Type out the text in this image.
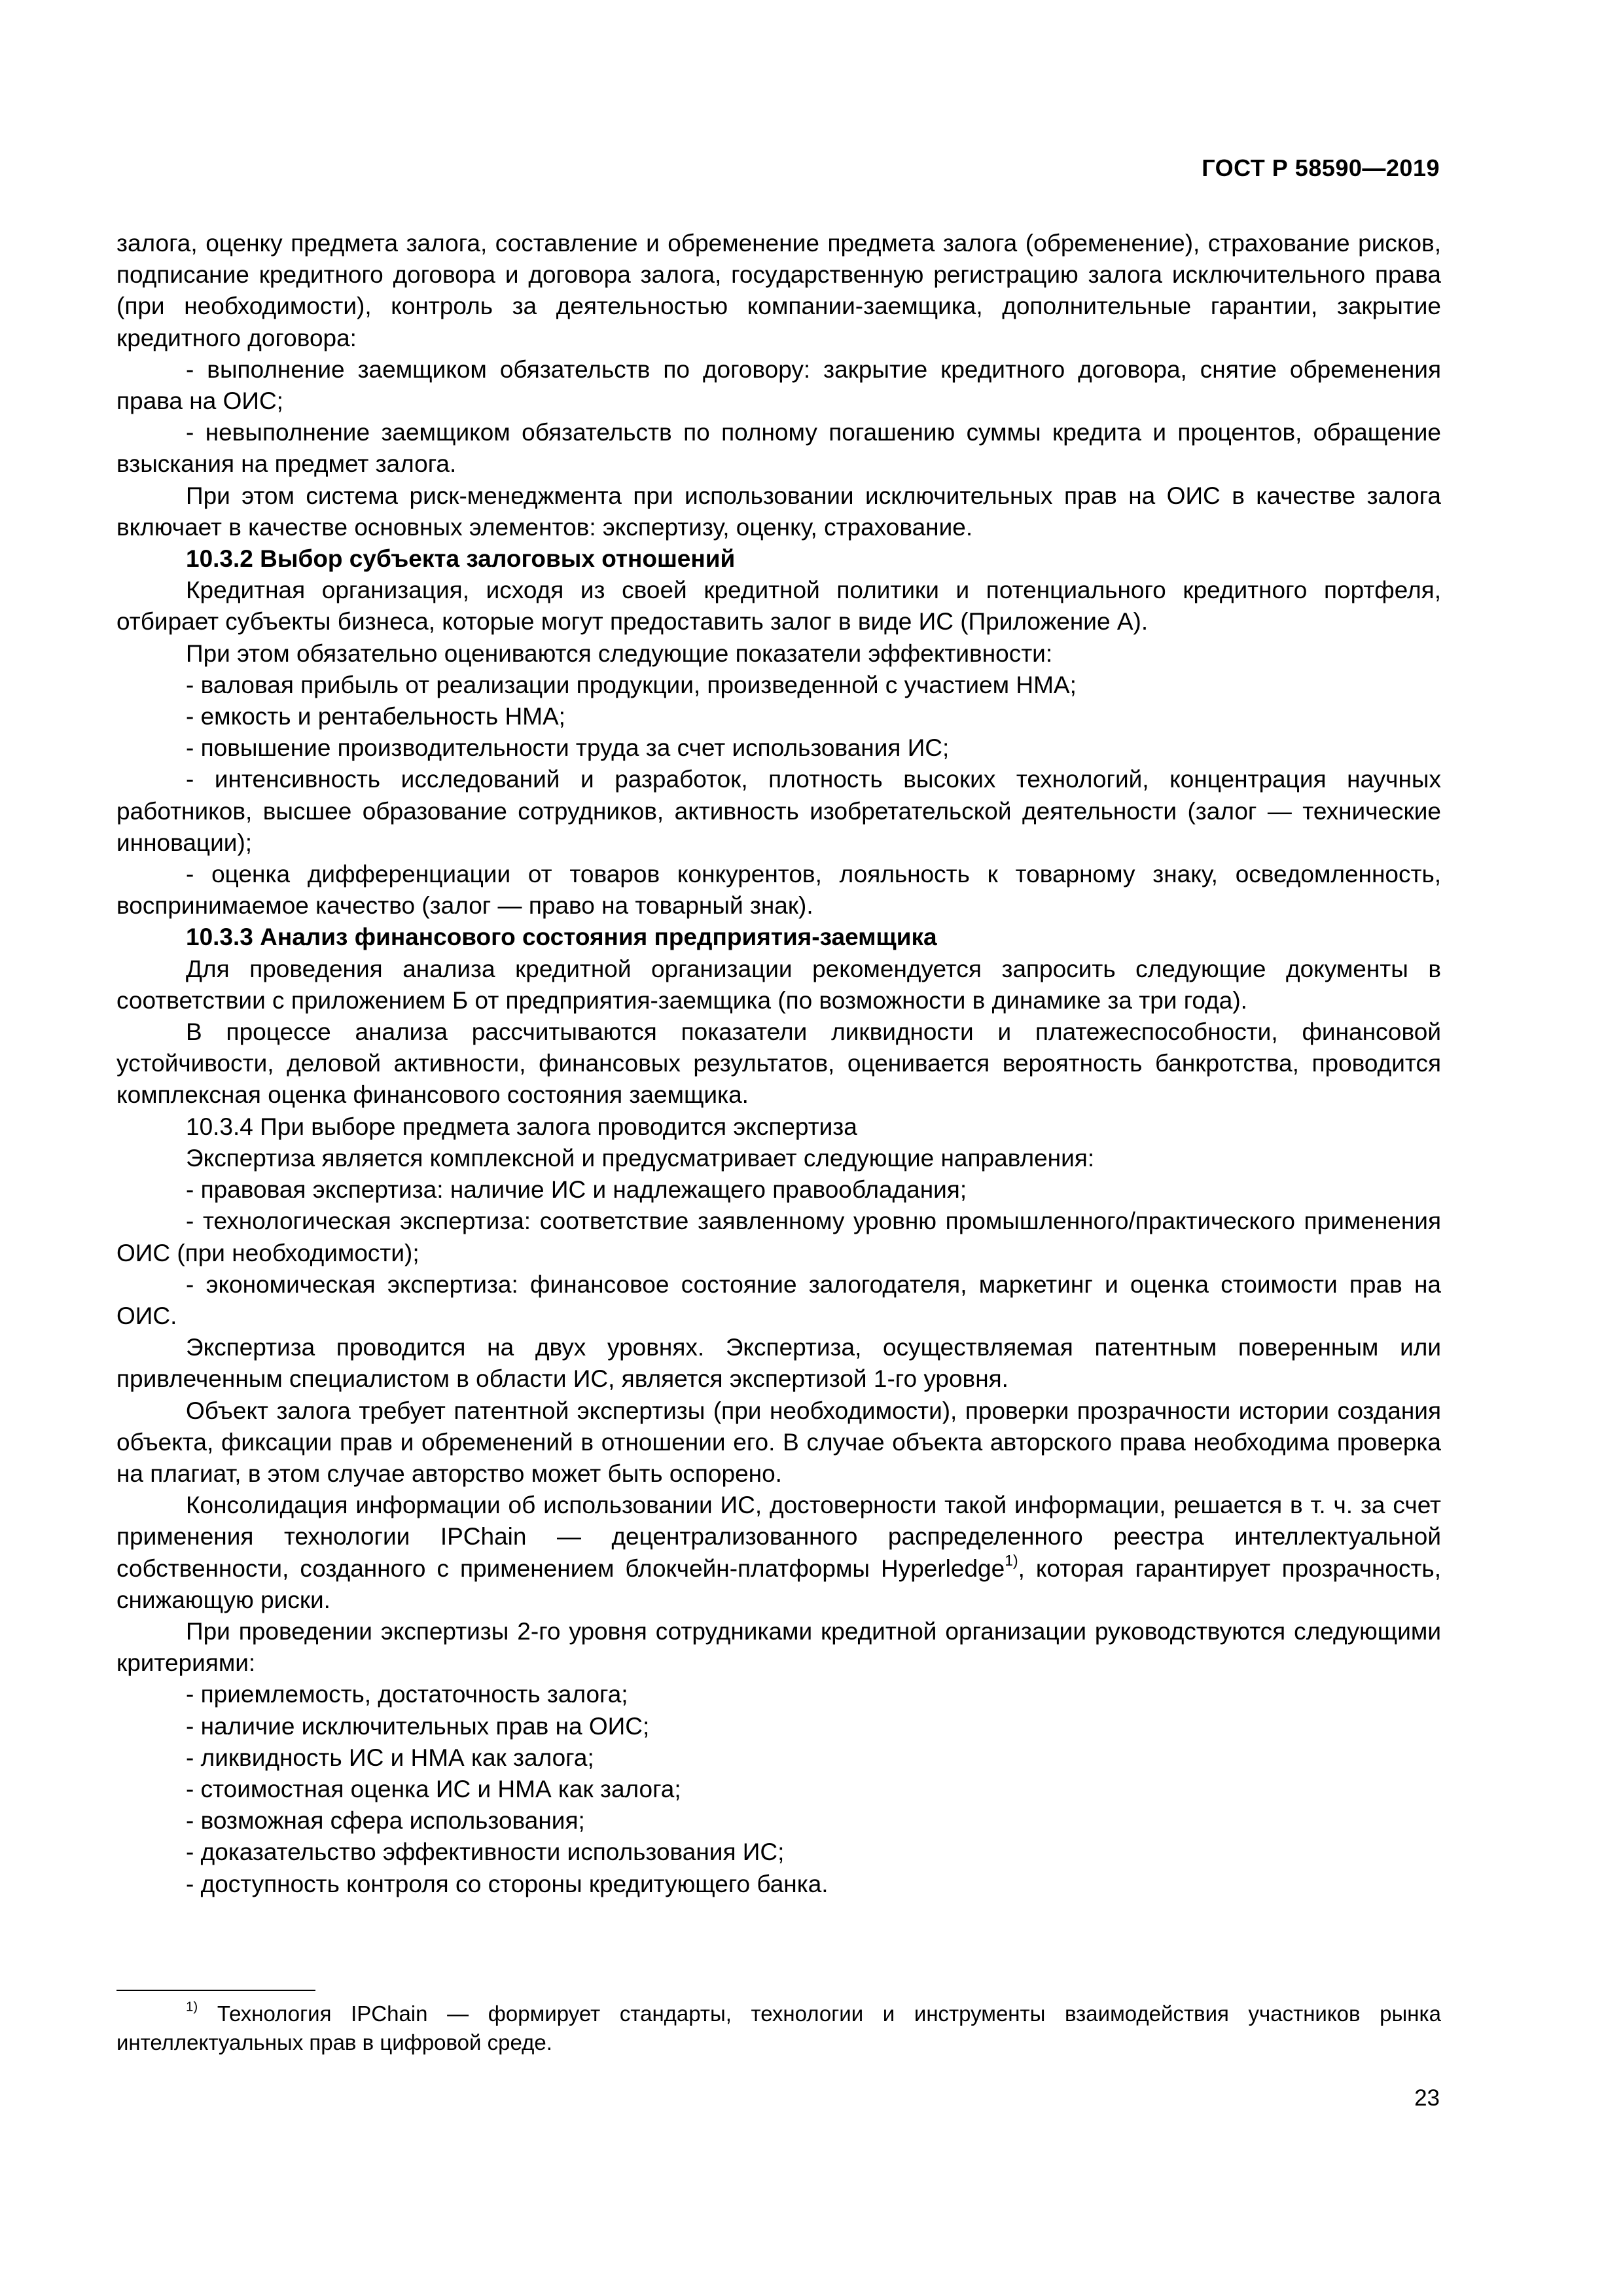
ГОСТ Р 58590—2019

залога, оценку предмета залога, составление и обременение предмета залога (обременение), страхование рисков, подписание кредитного договора и договора залога, государственную регистрацию залога исключительного права (при необходимости), контроль за деятельностью компании-заемщика, дополнительные гарантии, закрытие кредитного договора:

- выполнение заемщиком обязательств по договору: закрытие кредитного договора, снятие обременения права на ОИС;

- невыполнение заемщиком обязательств по полному погашению суммы кредита и процентов, обращение взыскания на предмет залога.

При этом система риск-менеджмента при использовании исключительных прав на ОИС в качестве залога включает в качестве основных элементов: экспертизу, оценку, страхование.

10.3.2 Выбор субъекта залоговых отношений

Кредитная организация, исходя из своей кредитной политики и потенциального кредитного портфеля, отбирает субъекты бизнеса, которые могут предоставить залог в виде ИС (Приложение А).

При этом обязательно оцениваются следующие показатели эффективности:

- валовая прибыль от реализации продукции, произведенной с участием НМА;

- емкость и рентабельность НМА;

- повышение производительности труда за счет использования ИС;

- интенсивность исследований и разработок, плотность высоких технологий, концентрация научных работников, высшее образование сотрудников, активность изобретательской деятельности (залог — технические инновации);

- оценка дифференциации от товаров конкурентов, лояльность к товарному знаку, осведомленность, воспринимаемое качество (залог — право на товарный знак).

10.3.3 Анализ финансового состояния предприятия-заемщика

Для проведения анализа кредитной организации рекомендуется запросить следующие документы в соответствии с приложением Б от предприятия-заемщика (по возможности в динамике за три года).

В процессе анализа рассчитываются показатели ликвидности и платежеспособности, финансовой устойчивости, деловой активности, финансовых результатов, оценивается вероятность банкротства, проводится комплексная оценка финансового состояния заемщика.

10.3.4 При выборе предмета залога проводится экспертиза

Экспертиза является комплексной и предусматривает следующие направления:

- правовая экспертиза: наличие ИС и надлежащего правообладания;

- технологическая экспертиза: соответствие заявленному уровню промышленного/практического применения ОИС (при необходимости);

- экономическая экспертиза: финансовое состояние залогодателя, маркетинг и оценка стоимости прав на ОИС.

Экспертиза проводится на двух уровнях. Экспертиза, осуществляемая патентным поверенным или привлеченным специалистом в области ИС, является экспертизой 1-го уровня.

Объект залога требует патентной экспертизы (при необходимости), проверки прозрачности истории создания объекта, фиксации прав и обременений в отношении его. В случае объекта авторского права необходима проверка на плагиат, в этом случае авторство может быть оспорено.

Консолидация информации об использовании ИС, достоверности такой информации, решается в т. ч. за счет применения технологии IPChain — децентрализованного распределенного реестра интеллектуальной собственности, созданного с применением блокчейн-платформы Hyperledge$^{1)}$, которая гарантирует прозрачность, снижающую риски.

При проведении экспертизы 2-го уровня сотрудниками кредитной организации руководствуются следующими критериями:

- приемлемость, достаточность залога;

- наличие исключительных прав на ОИС;

- ликвидность ИС и НМА как залога;

- стоимостная оценка ИС и НМА как залога;

- возможная сфера использования;

- доказательство эффективности использования ИС;

- доступность контроля со стороны кредитующего банка.

$^{1)}$ Технология IPChain — формирует стандарты, технологии и инструменты взаимодействия участников рынка интеллектуальных прав в цифровой среде.

23
